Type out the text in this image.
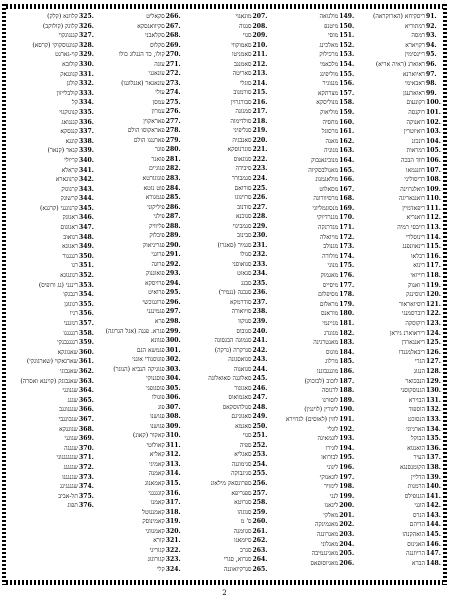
91.
ריסקיחא (הארוקראה)
92.
רמתוריא
93.
רמסה
94.
רקויארא
95.
ריינסימין
96.
ראוארנ (ראיה אריא)
97.
ראיוארנא
98.
ראבאימי
99.
ראוארעגן
100.
רקונעום
101.
רוקנסה
102.
רואנוקה
103.
רואיוטרין
104.
רונכזנ
105.
רמראות
106.
רוזד הבכה
107.
רוזנגמאו
108.
רדיסוליני
109.
רואלגרוינה
110.
רואנגאריגה
111.
ריפאדמיין
112.
רואנריא
113.
רויבסי רמיה
114.
רינוסלרי
115.
רינאוונפנג
116.
רבלאו
117.
רינוא
118.
רוייואי
119.
ר ואנוק
120.
רגוסינגק
121.
רוסיואראור
122.
רוברסמנגי
123.
רוקוסקה
124.
ריראוארנ גיראן
125.
ריאנגארדן
126.
ריבאלמגנדו
127.
הגרי
128.
הנגוג
129.
הנבכואר
130.
הגנוסקוסני
131.
הבוירא
132.
הוספוד
133.
הנסוכט
134.
הארגיוני
135.
הבוקל
136.
הואנגוא
137.
העיר
138.
הקומנסנגא
139.
הדליין
140.
הרמנות
141.
הגנופילס
142.
הוגני
143.
הנרס
144.
הדיהם
145.
הואהקנהו
146.
האגינוס
147.
הריוזנגה
148.
הברא
149.
מולגואה
150.
מיטנפ
151.
מוסי
152.
מאלכינג
153.
מרכילוק
154.
מלכאמי
155.
מוליפינג
156.
מנגוניר
157.
מצרתקא
158.
מנוליסקא
159.
מוליאוק
160.
מחסיה
161.
מרסוגל
162.
מאנה
163.
מגוניה
164.
מנוביגאנבוק
165.
מאנולבסקיוה
166.
מולאגמנוג
167.
מסאלוט
168.
מרסיוורונה
169.
מנסוגמליוני
170.
מגנרדיוקי
171.
מגדרנקה
172.
מויואלה
173.
מגנולב
174.
מולורה
175.
מנוני
176.
מאגמוק
177.
מיסייס
178.
מסיפלום
179.
מראלום
180.
מוראנס
181.
מגיינמי
182.
מגונדג
183.
מאנטרגינה
184.
מוגוס
185.
מרלוג
186.
מוגנגבוגנו
187.
לוכוב (לבוכוק)
188.
לרגוסה
189.
לוסורנו
190.
ליגורין (לוינגין)
191.
לוזין (לאוסים) לגדוירא
192.
לוגלי
193.
לוגמאיגה
194.
לוגירו
195.
לבורואו
196.
ליגוני
197.
לוגאנוקי
198.
ליגזויר
199.
לנגי
200.
ליגאנו
201.
מאלקי
202.
מאגמינקה
203.
מאגרונגה
204.
מאגלוני
205.
מאגינגמיבה
206.
מאגיוסופאס
207.
מוגאגוי
208.
סנגוה
209.
סגוי
210.
סאמוקווי
211.
סאמניטו
212.
סאמנגב
213.
סאריטה
214.
סוגלי
215.
סורמנוב
216.
סבורגרוין
217.
סמגונה
218.
סולדימוה
219.
סגליפיני
220.
סאנבגיה
221.
סוגרנוסקא
222.
סנוגאוס
223.
סיבידה
224.
סגמבורר
225.
סורואם
226.
סרוינוגו
227.
סודנוב
228.
סגוכנא
229.
סגמבינוי
230.
סבינוב
231.
סגמיר (סאגרו)
232.
סנולו
233.
סגואוסני
234.
סנאוט
235.
סבנג
236.
סנבגה (נגמיר)
237.
סודרמקא
238.
סויואורה
239.
סנוקוו
240.
סגובוס
241.
סנמוגה הבגסונה
242.
סגרקרה (גרקה)
243.
סגואסגונה
244.
סגואגוה
245.
סאלוגנה סאואלוגה
246.
סאגוגור
247.
סאגמואוס
248.
סגולהוסקאס
249.
סאגוניגם
250.
סאגמא
251.
סגוי
252.
ספיה
253.
סאגליא
254.
סגימוגנה
255.
סגיגבוקה
256.
ספרונסאק מילאונ
257.
ספגריפא
258.
סגרוטא
259.
סגוגהו
260.
ס' מ
261.
סגוומגה
262.
סיומאגו
263.
סגרכ
264.
סגרוא, סגרי
265.
סגרקיואוננה
266.
סקאליט
267.
סקיוואגסקא
268.
סקלאבני
269.
סקלוס
270.
קולו, כד הגגלוג כולו
271.
עוגה
272.
עונאגני
273.
עונאגאר (אגגלוגנו)
274.
עולי
275.
עמסן
276.
עמרון
277.
פאראקוין
278.
פאראקוסו הולם
279.
פארגנגו הולם
280.
פוגר
281.
פואנר
282.
פגוגיים
283.
פונוגורטא
284.
פוט נוטא
285.
פגמגורא
286.
פיליקוני
287.
פילגי
288.
פליוויק
289.
פיבלוק
290.
פגריניאוק
291.
פרוגני
292.
פרוגה
293.
פואוגנוק
294.
פרויסקא
295.
פרואיט
296.
פרוגנוכשי
297.
פגמינגני
298.
פרא
299.
פגרא. פגנה (אגל הגרוגה)
300.
פגוונא
301.
פגמשא הגם
302.
פוגוסנודי אוגני
303.
פגוגיקה הנביא (הנוגר)
304.
פוסגנוקי
305.
פוסגופגי
306.
פוגולו
307.
פוג
308.
פגושנו
309.
פגושנו
310.
קאקור (קאונ)
311.
קאולוטי
312.
קאליא
313.
קאמיגי
314.
קאמנה
315.
קאמאנוג
316.
קונגגגני
317.
קאמנו
318.
קאמנגוטל
319.
קאמינוסק
320.
קאמגווגי
321.
קורא
322.
קגוריגי
323.
קגורוגוג
324.
קלי
325.
קלוונא (קלק)
326.
קלוגק (קולוקב)
327.
קגנגוגקוי
328.
קגוגגוסקוקי (קרסא)
329.
קוי-גארגט
330.
קולובא
331.
קגוגגאק
332.
קולגן
333.
קולבלייוון
334.
קל
335.
קנוגוקגוי
336.
קגנגואג
337.
קנגסקא
338.
קוגגא
339.
קגאר (קנאר)
340.
קריולי
341.
קראלא
342.
קרנוגארא
343.
קרגוגוק
344.
קרשוגק
345.
קרגוגגני (קרגנא)
346.
ראגוגק
347.
ראגוגום
348.
רגואוב
349.
ראגוגא
350.
רגנגגור
351.
רגו
352.
רגוגגוגא
353.
רינגני (גג ורופיס)
354.
רגבגקו
355.
רגוגוגן
356.
רגיו
357.
רגזגגני
358.
רגגגגגו
359.
רגגגגבגקי
360.
שאגוגקא
361.
שארגאקוי (שארגוגקי)
362.
שאגבוגי
363.
שאגבוגק (קוינגא ואסרה)
364.
שגנוגגי
365.
שגגג
366.
שגגגוגגב
367.
שגבוגגבי
368.
שגוגגקא
369.
שגוגני
370.
שגגגה
371.
שגגגגגגוני
372.
שגגגגג
373.
שגנגגגו
374.
שגגגגיגג
375.
תל-אביב
376.
תפוג
2
